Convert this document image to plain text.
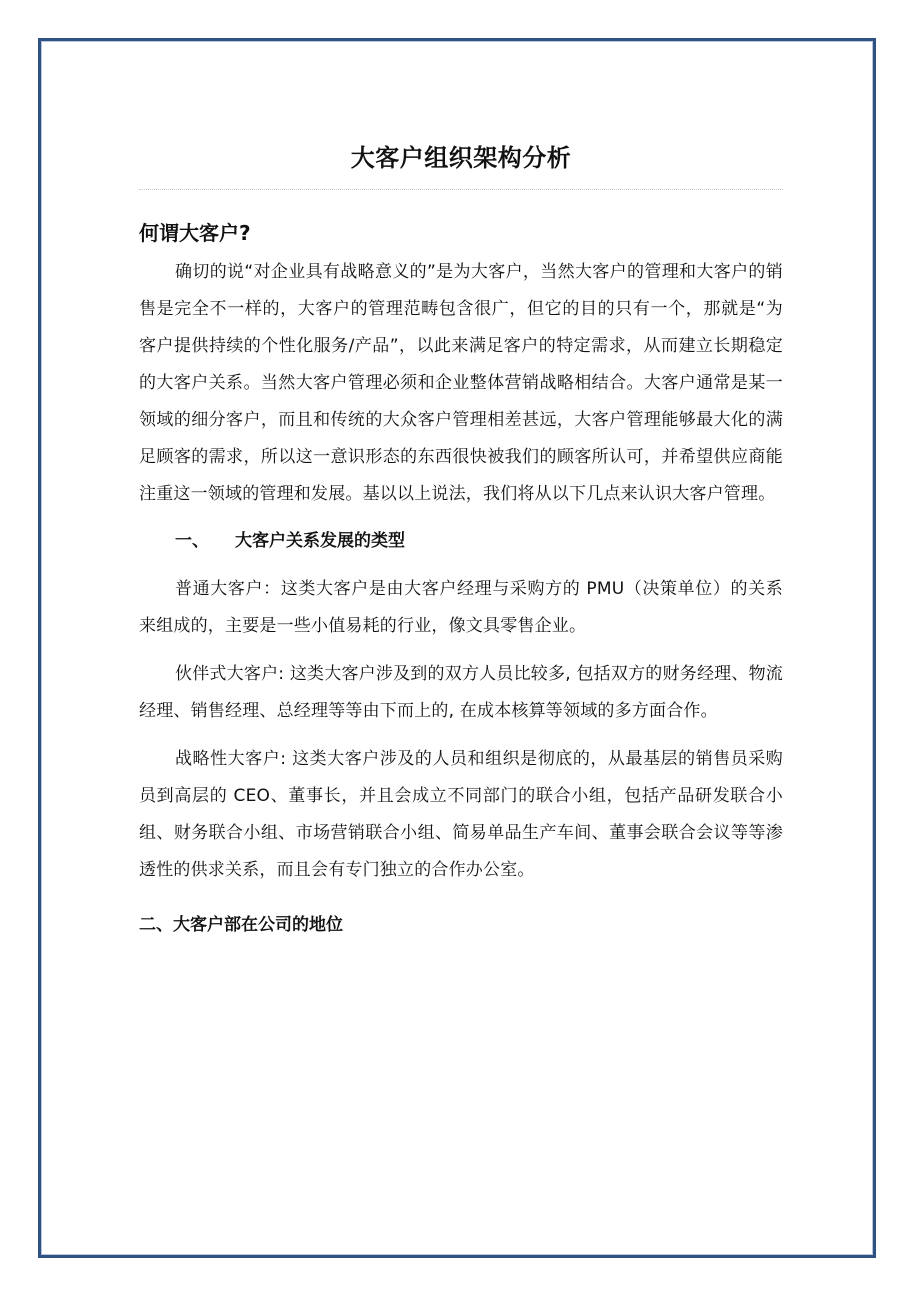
大客户组织架构分析
何谓大客户?

确切的说“对企业具有战略意义的”是为大客户，当然大客户的管理和大客户的销售是完全不一样的，大客户的管理范畴包含很广，但它的目的只有一个，那就是“为客户提供持续的个性化服务/产品”，以此来满足客户的特定需求，从而建立长期稳定的大客户关系。当然大客户管理必须和企业整体营销战略相结合。大客户通常是某一领域的细分客户，而且和传统的大众客户管理相差甚远，大客户管理能够最大化的满足顾客的需求，所以这一意识形态的东西很快被我们的顾客所认可，并希望供应商能注重这一领域的管理和发展。基以以上说法，我们将从以下几点来认识大客户管理。

一、 大客户关系发展的类型

普通大客户：这类大客户是由大客户经理与采购方的 PMU（决策单位）的关系来组成的，主要是一些小值易耗的行业，像文具零售企业。

伙伴式大客户: 这类大客户涉及到的双方人员比较多, 包括双方的财务经理、物流经理、销售经理、总经理等等由下而上的, 在成本核算等领域的多方面合作。

战略性大客户: 这类大客户涉及的人员和组织是彻底的，从最基层的销售员采购员到高层的 CEO、董事长，并且会成立不同部门的联合小组，包括产品研发联合小组、财务联合小组、市场营销联合小组、简易单品生产车间、董事会联合会议等等渗透性的供求关系，而且会有专门独立的合作办公室。

二、大客户部在公司的地位
